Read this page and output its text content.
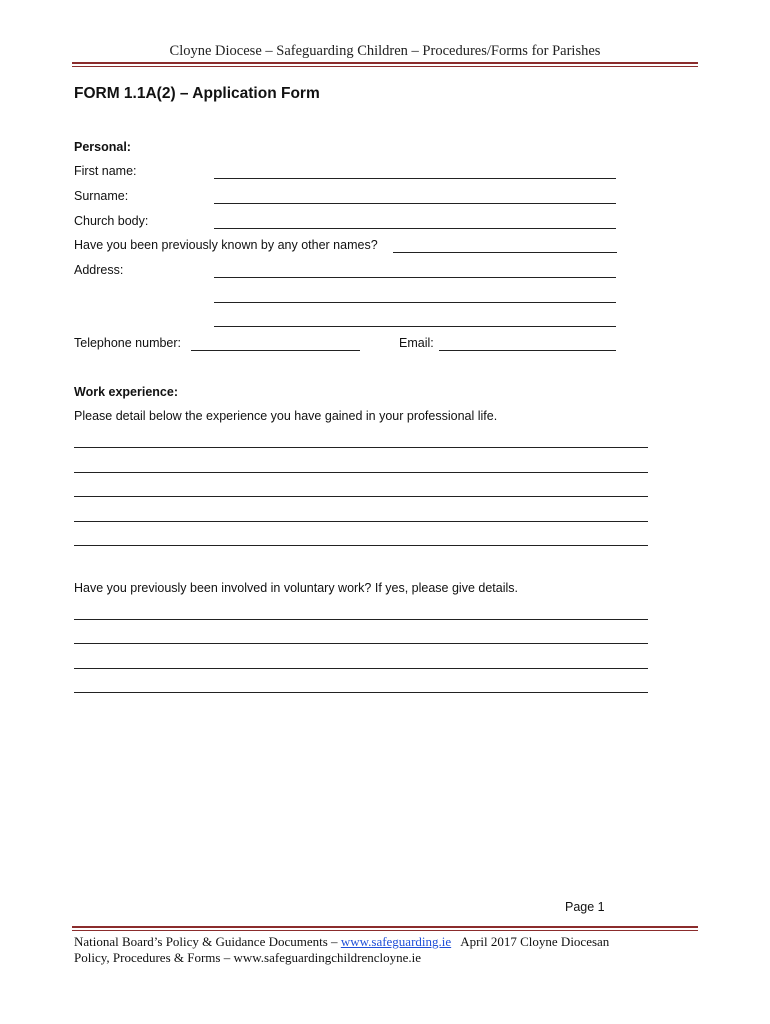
Cloyne Diocese – Safeguarding Children – Procedures/Forms for Parishes
FORM 1.1A(2) – Application Form
Personal:
First name:
Surname:
Church body:
Have you been previously known by any other names?
Address:
Telephone number:	Email:
Work experience:
Please detail below the experience you have gained in your professional life.
Have you previously been involved in voluntary work? If yes, please give details.
Page 1
National Board’s Policy & Guidance Documents – www.safeguarding.ie   April 2017 Cloyne Diocesan
Policy, Procedures & Forms – www.safeguardingchildrencloyne.ie
